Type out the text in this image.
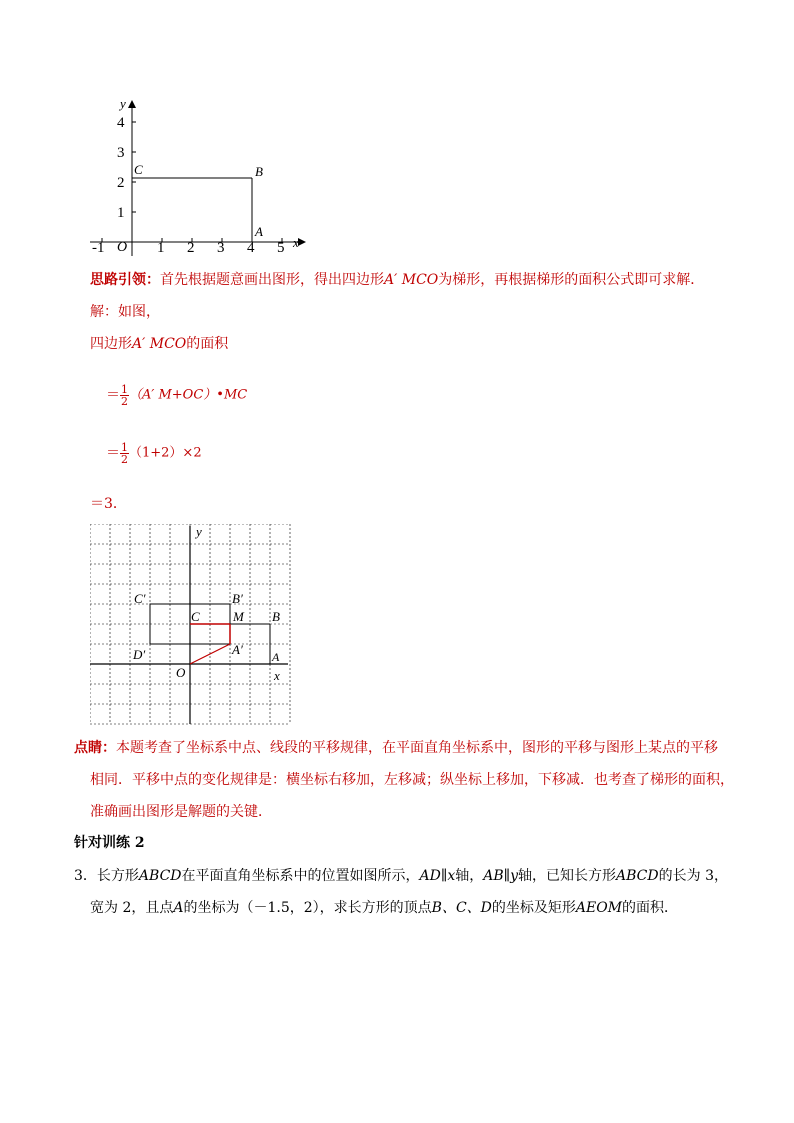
-1	1 2 3 4 5
1
2
3
4
O
y
x
C	B
A
思路引领：首先根据题意画出图形，得出四边形A′ MCO为梯形，再根据梯形的面积公式即可求解．
解：如图，
四边形A′ MCO的面积
＝ $\frac{1}{2} (A'$ M+OC）•MC
＝ $\frac{1}{2} (1+2)\times 2$
＝3．
y
x
O
C′	B′
C	M B
D′	A′ A
点睛：本题考查了坐标系中点、线段的平移规律，在平面直角坐标系中，图形的平移与图形上某点的平移
相同．平移中点的变化规律是：横坐标右移加，左移减；纵坐标上移加，下移减．也考查了梯形的面积，
准确画出图形是解题的关键．
针对训练 2
3．长方形ABCD在平面直角坐标系中的位置如图所示，AD∥x轴，AB∥y轴，已知长方形ABCD的长为 3，
宽为 2，且点A的坐标为（－1.5，2），求长方形的顶点B、C、D的坐标及矩形AEOM的面积．
